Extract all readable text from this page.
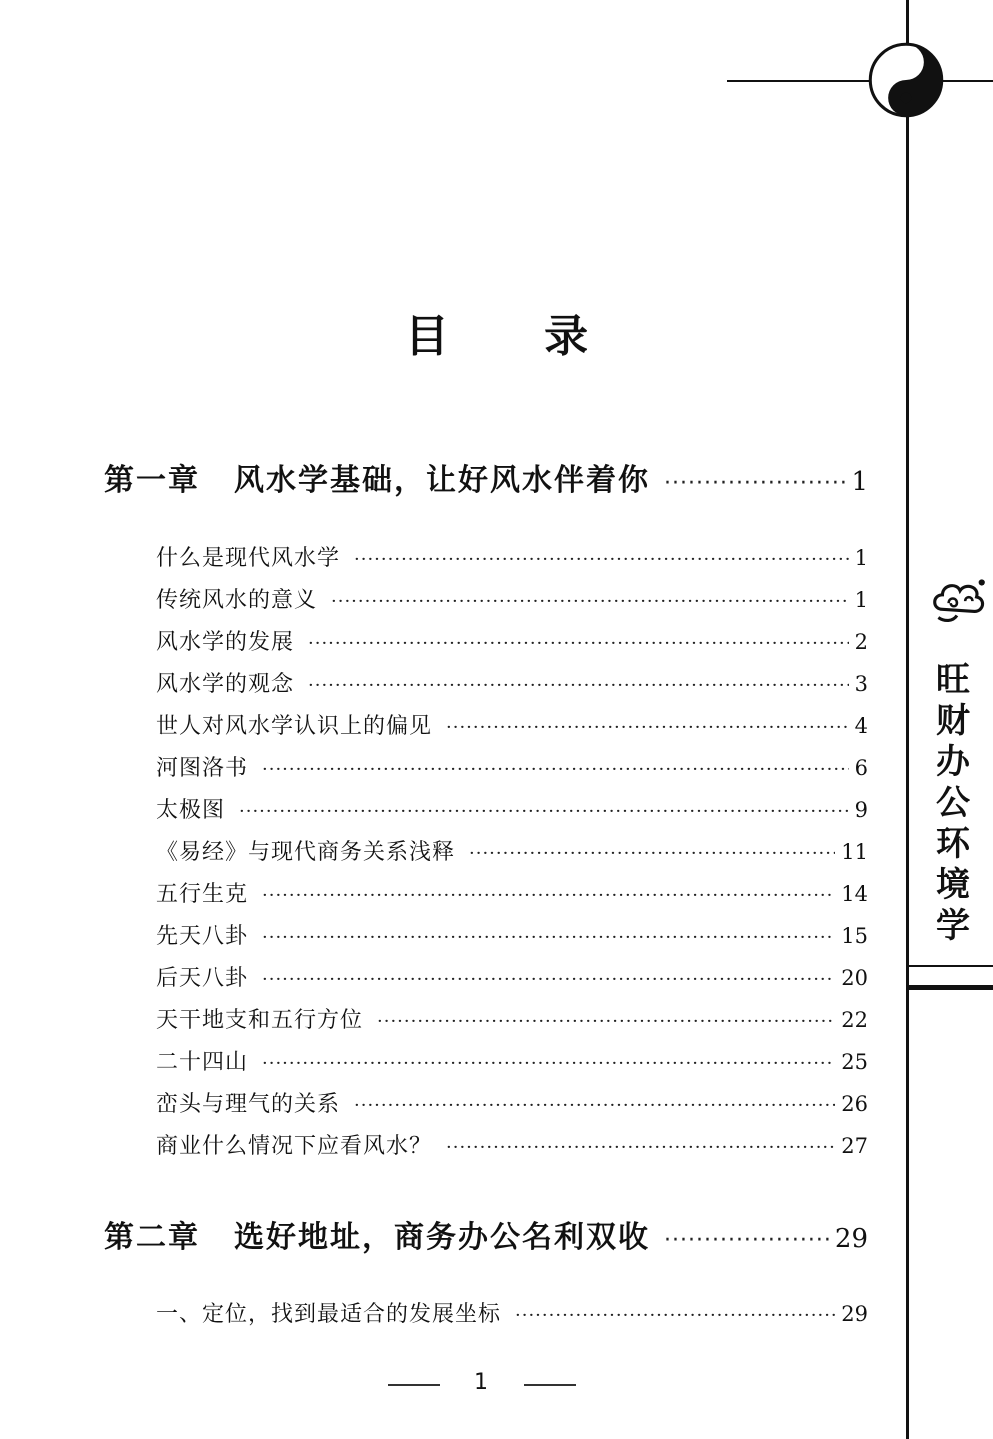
旺
财
办
公
环
境
学
目 录
第一章 风水学基础，让好风水伴着你 ·····	1
什么是现代风水学 ·····	1
传统风水的意义 ·····	1
风水学的发展 ·····	2
风水学的观念 ·····	3
世人对风水学认识上的偏见 ·····	4
河图洛书 ·····	6
太极图 ·····	9
《易经》与现代商务关系浅释 ·····	11
五行生克 ·····	14
先天八卦 ·····	15
后天八卦 ·····	20
天干地支和五行方位 ·····	22
二十四山 ·····	25
峦头与理气的关系 ·····	26
商业什么情况下应看风水？ ·····	27
第二章 选好地址，商务办公名利双收 ·····	29
一、定位，找到最适合的发展坐标 ·····	29
1
